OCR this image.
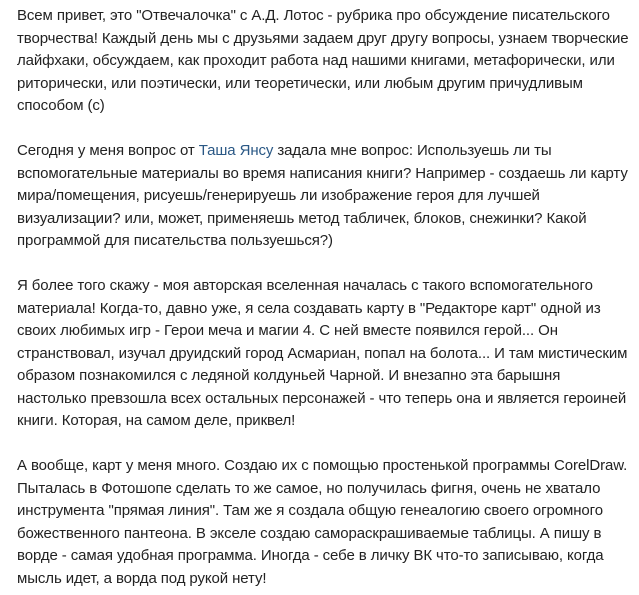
Всем привет, это "Отвечалочка" с А.Д. Лотос - рубрика про обсуждение писательского творчества! Каждый день мы с друзьями задаем друг другу вопросы, узнаем творческие лайфхаки, обсуждаем, как проходит работа над нашими книгами, метафорически, или риторически, или поэтически, или теоретически, или любым другим причудливым способом (с)

Сегодня у меня вопрос от Таша Янсу задала мне вопрос: Используешь ли ты вспомогательные материалы во время написания книги? Например - создаешь ли карту мира/помещения, рисуешь/генерируешь ли изображение героя для лучшей визуализации? или, может, применяешь метод табличек, блоков, снежинки? Какой программой для писательства пользуешься?)

Я более того скажу - моя авторская вселенная началась с такого вспомогательного материала! Когда-то, давно уже, я села создавать карту в "Редакторе карт" одной из своих любимых игр - Герои меча и магии 4. С ней вместе появился герой... Он странствовал, изучал друидский город Асмариан, попал на болота... И там мистическим образом познакомился с ледяной колдуньей Чарной. И внезапно эта барышня настолько превзошла всех остальных персонажей - что теперь она и является героиней книги. Которая, на самом деле, приквел!

А вообще, карт у меня много. Создаю их с помощью простенькой программы CorelDraw. Пыталась в Фотошопе сделать то же самое, но получилась фигня, очень не хватало инструмента "прямая линия". Там же я создала общую генеалогию своего огромного божественного пантеона. В экселе создаю самораскрашиваемые таблицы. А пишу в ворде - самая удобная программа. Иногда - себе в личку ВК что-то записываю, когда мысль идет, а ворда под рукой нету!
